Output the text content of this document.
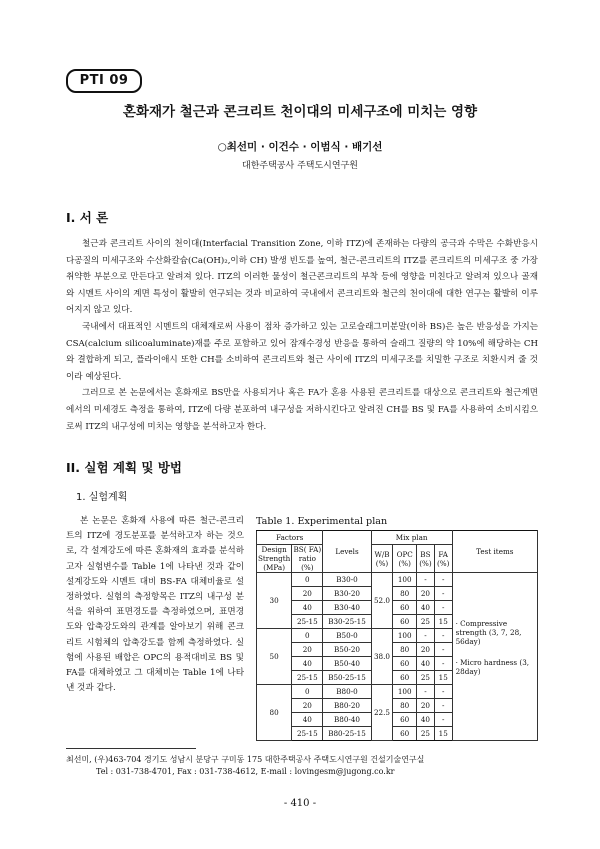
PTI 09
혼화재가 철근과 콘크리트 천이대의 미세구조에 미치는 영향
○최선미 · 이건수 · 이범식 · 배기선
대한주택공사 주택도시연구원
I. 서 론

철근과 콘크리트 사이의 천이대(Interfacial Transition Zone, 이하 ITZ)에 존재하는 다량의 공극과 수막은 수화반응시 다공질의 미세구조와 수산화칼슘(Ca(OH)₂,이하 CH) 발생 빈도를 높여, 철근-콘크리트의 ITZ를 콘크리트의 미세구조 중 가장 취약한 부분으로 만든다고 알려져 있다. ITZ의 이러한 물성이 철근콘크리트의 부착 등에 영향을 미친다고 알려져 있으나 골재와 시멘트 사이의 계면 특성이 활발히 연구되는 것과 비교하여 국내에서 콘크리트와 철근의 천이대에 대한 연구는 활발히 이루어지지 않고 있다.

국내에서 대표적인 시멘트의 대체재로써 사용이 점차 증가하고 있는 고로슬래그미분말(이하 BS)은 높은 반응성을 가지는 CSA(calcium silicoaluminate)재를 주로 포함하고 있어 잠재수경성 반응을 통하여 슬래그 질량의 약 10%에 해당하는 CH와 결합하게 되고, 플라이애시 또한 CH를 소비하여 콘크리트와 철근 사이에 ITZ의 미세구조를 치밀한 구조로 치환시켜 줄 것이라 예상된다.

그러므로 본 논문에서는 혼화재로 BS만을 사용되거나 혹은 FA가 혼용 사용된 콘크리트를 대상으로 콘크리트와 철근계면에서의 미세경도 측정을 통하여, ITZ에 다량 분포하여 내구성을 저하시킨다고 알려진 CH를 BS 및 FA를 사용하여 소비시킴으로써 ITZ의 내구성에 미치는 영향을 분석하고자 한다.

II. 실험 계획 및 방법
1. 실험계획

본 논문은 혼화재 사용에 따른 철근-콘크리트의 ITZ에 경도분포를 분석하고자 하는 것으로, 각 설계강도에 따른 혼화재의 효과를 분석하고자 실험변수를 Table 1에 나타낸 것과 같이 설계강도와 시멘트 대비 BS-FA 대체비율로 설정하였다. 실험의 측정항목은 ITZ의 내구성 분석을 위하여 표면경도를 측정하였으며, 표면경도와 압축강도와의 관계를 알아보기 위해 콘크리트 시험체의 압축강도를 함께 측정하였다. 실험에 사용된 배합은 OPC의 용적대비로 BS 및 FA를 대체하였고 그 대체비는 Table 1에 나타낸 것과 같다.

Table 1. Experimental plan
Factors		Levels	Mix plan				Test items
Design Strength (MPa)	BS( FA) ratio (%)		W/B (%)	OPC (%)	BS (%)	FA (%)	
30	0	B30-0	52.0	100	-	-	· Compressive strength (3, 7, 28, 56day)
· Micro hardness (3, 28day)

	20	B30-20		80	20	-	
	40	B30-40		60	40	-	
	25-15	B30-25-15		60	25	15	
50	0	B50-0	38.0	100	-	-	
	20	B50-20		80	20	-	
	40	B50-40		60	40	-	
	25-15	B50-25-15		60	25	15	
80	0	B80-0	22.5	100	-	-	
	20	B80-20		80	20	-	
	40	B80-40		60	40	-	
	25-15	B80-25-15		60	25	15	
최선미, (우)463-704 경기도 성남시 분당구 구미동 175 대한주택공사 주택도시연구원 건설기술연구실
Tel : 031-738-4701, Fax : 031-738-4612, E-mail : lovingesm@jugong.co.kr
- 410 -
